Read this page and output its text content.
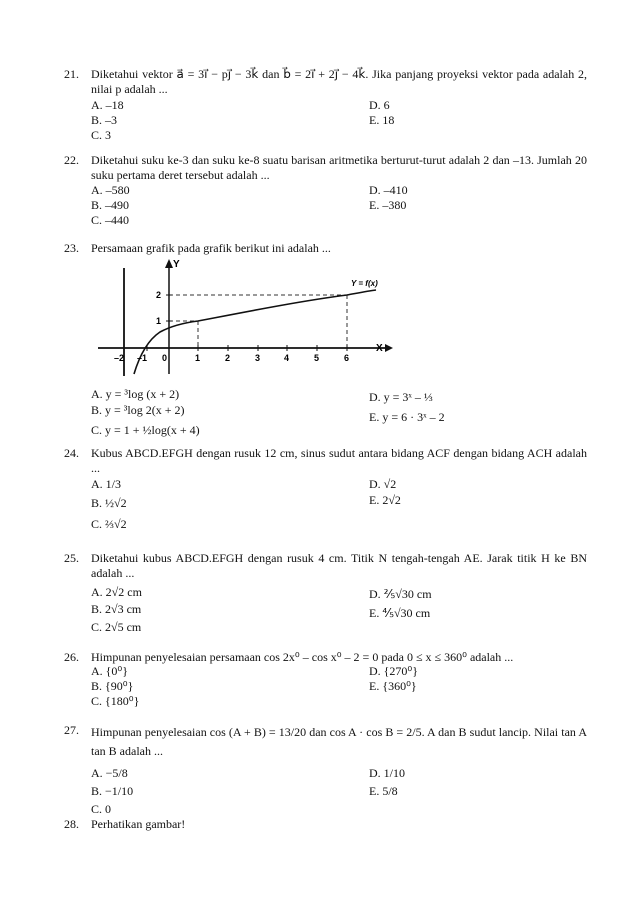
21. Diketahui vektor a⃗ = 3i⃗ − pj⃗ − 3k⃗ dan b⃗ = 2i⃗ + 2j⃗ − 4k⃗. Jika panjang proyeksi vektor pada adalah 2, nilai p adalah ...
A. –18
B. –3
C. 3
D. 6
E. 18
22. Diketahui suku ke-3 dan suku ke-8 suatu barisan aritmetika berturut-turut adalah 2 dan –13. Jumlah 20 suku pertama deret tersebut adalah ...
A. –580
B. –490
C. –440
D. –410
E. –380
23. Persamaan grafik pada grafik berikut ini adalah ...
Y
X
Y = f(x)
1
2
–2 –1 0	1	2	3	4	5	6
A. y = ³log (x + 2)
B. y = ³log 2(x + 2)
C. y = 1 + ½log(x + 4)
D. y = 3ˣ – ⅓
E. y = 6 · 3ˣ – 2
24. Kubus ABCD.EFGH dengan rusuk 12 cm, sinus sudut antara bidang ACF dengan bidang ACH adalah ...
A. 1/3
B. ½√2
C. ⅔√2
D. √2
E. 2√2
25. Diketahui kubus ABCD.EFGH dengan rusuk 4 cm. Titik N tengah-tengah AE. Jarak titik H ke BN adalah ...
A. 2√2 cm
B. 2√3 cm
C. 2√5 cm
D. ⅖√30 cm
E. ⅘√30 cm
26. Himpunan penyelesaian persamaan cos 2x⁰ – cos x⁰ – 2 = 0 pada 0 ≤ x ≤ 360⁰ adalah ...
A. {0⁰}
B. {90⁰}
C. {180⁰}
D. {270⁰}
E. {360⁰}
27. Himpunan penyelesaian cos (A + B) = 13/20 dan cos A · cos B = 2/5. A dan B sudut lancip. Nilai tan A tan B adalah ...
A. −5/8
B. −1/10
C. 0
D. 1/10
E. 5/8
28. Perhatikan gambar!
